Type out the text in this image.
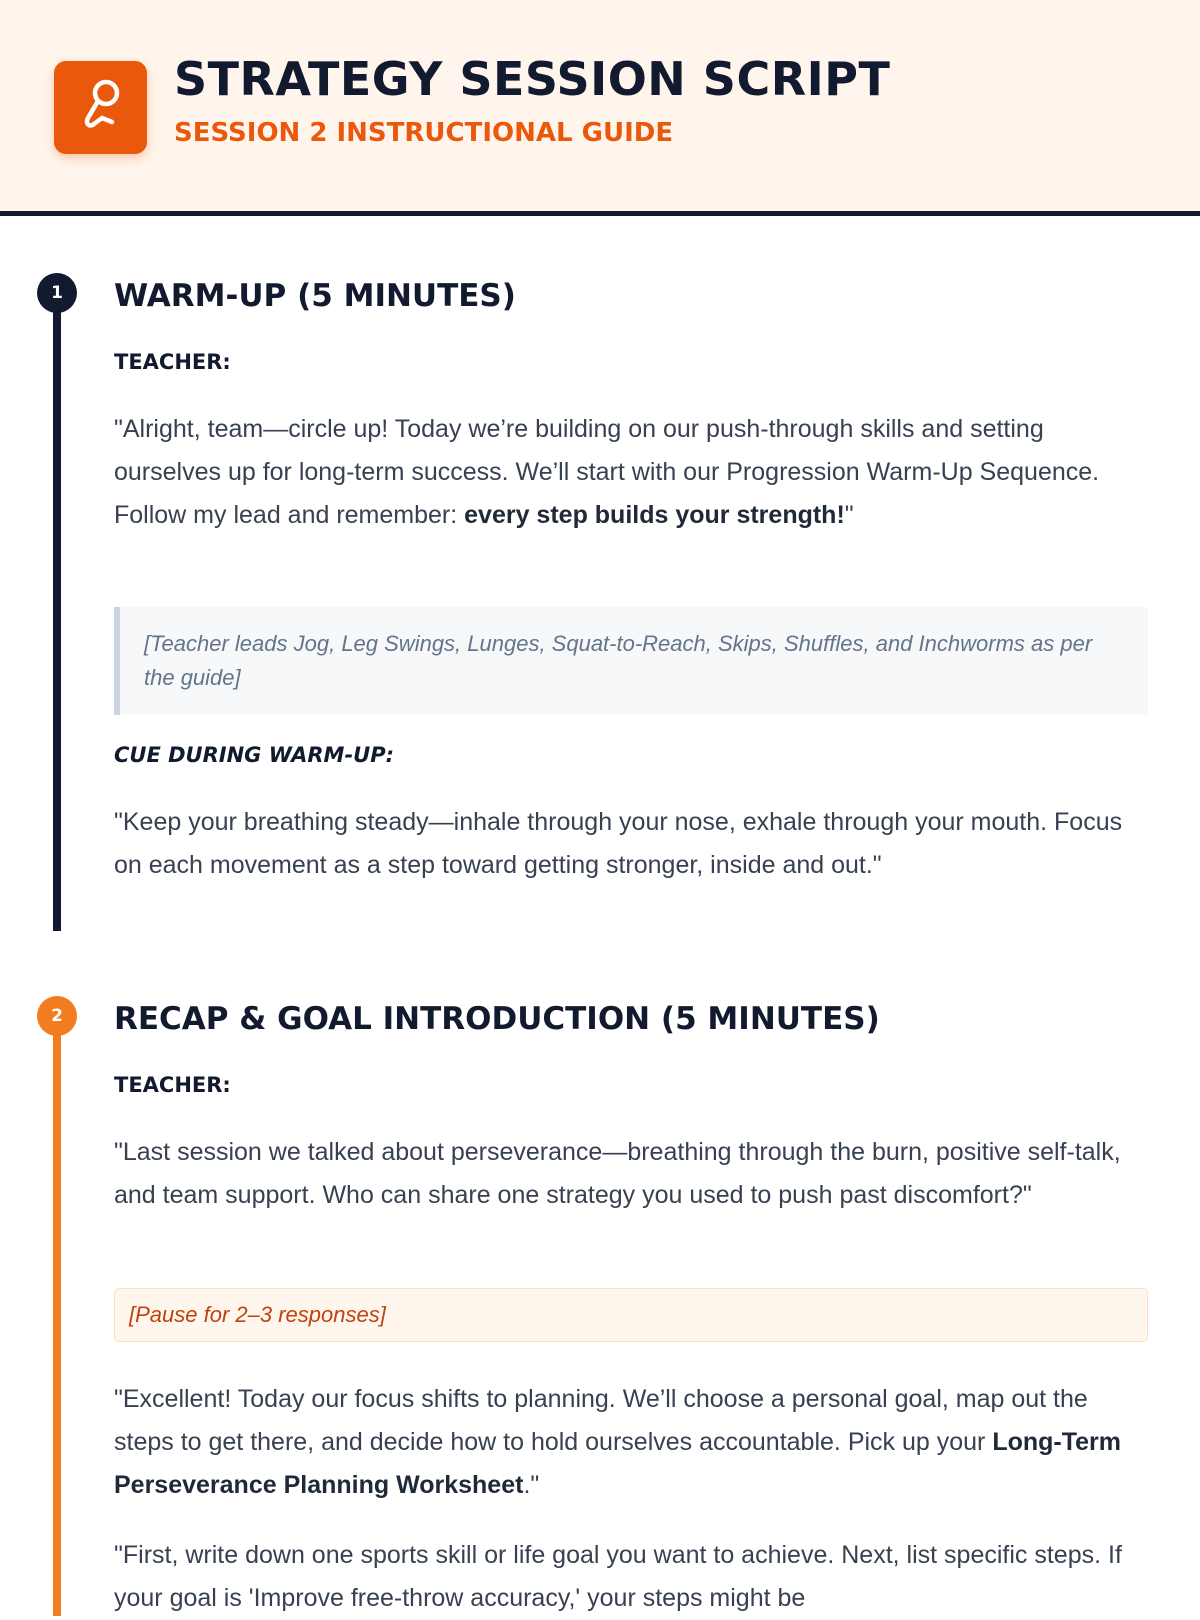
STRATEGY SESSION SCRIPT
SESSION 2 INSTRUCTIONAL GUIDE
1	WARM-UP (5 MINUTES)
TEACHER:

"Alright, team—circle up! Today we’re building on our push-through skills and setting ourselves up for long-term success. We’ll start with our Progression Warm-Up Sequence. Follow my lead and remember: every step builds your strength!"

[Teacher leads Jog, Leg Swings, Lunges, Squat-to-Reach, Skips, Shuffles, and Inchworms as per the guide]
CUE DURING WARM-UP:

"Keep your breathing steady—inhale through your nose, exhale through your mouth. Focus on each movement as a step toward getting stronger, inside and out."

2	RECAP & GOAL INTRODUCTION (5 MINUTES)
TEACHER:

"Last session we talked about perseverance—breathing through the burn, positive self-talk, and team support. Who can share one strategy you used to push past discomfort?"

[Pause for 2–3 responses]

"Excellent! Today our focus shifts to planning. We’ll choose a personal goal, map out the steps to get there, and decide how to hold ourselves accountable. Pick up your Long-Term Perseverance Planning Worksheet."

"First, write down one sports skill or life goal you want to achieve. Next, list specific steps. If your goal is 'Improve free-throw accuracy,' your steps might be
